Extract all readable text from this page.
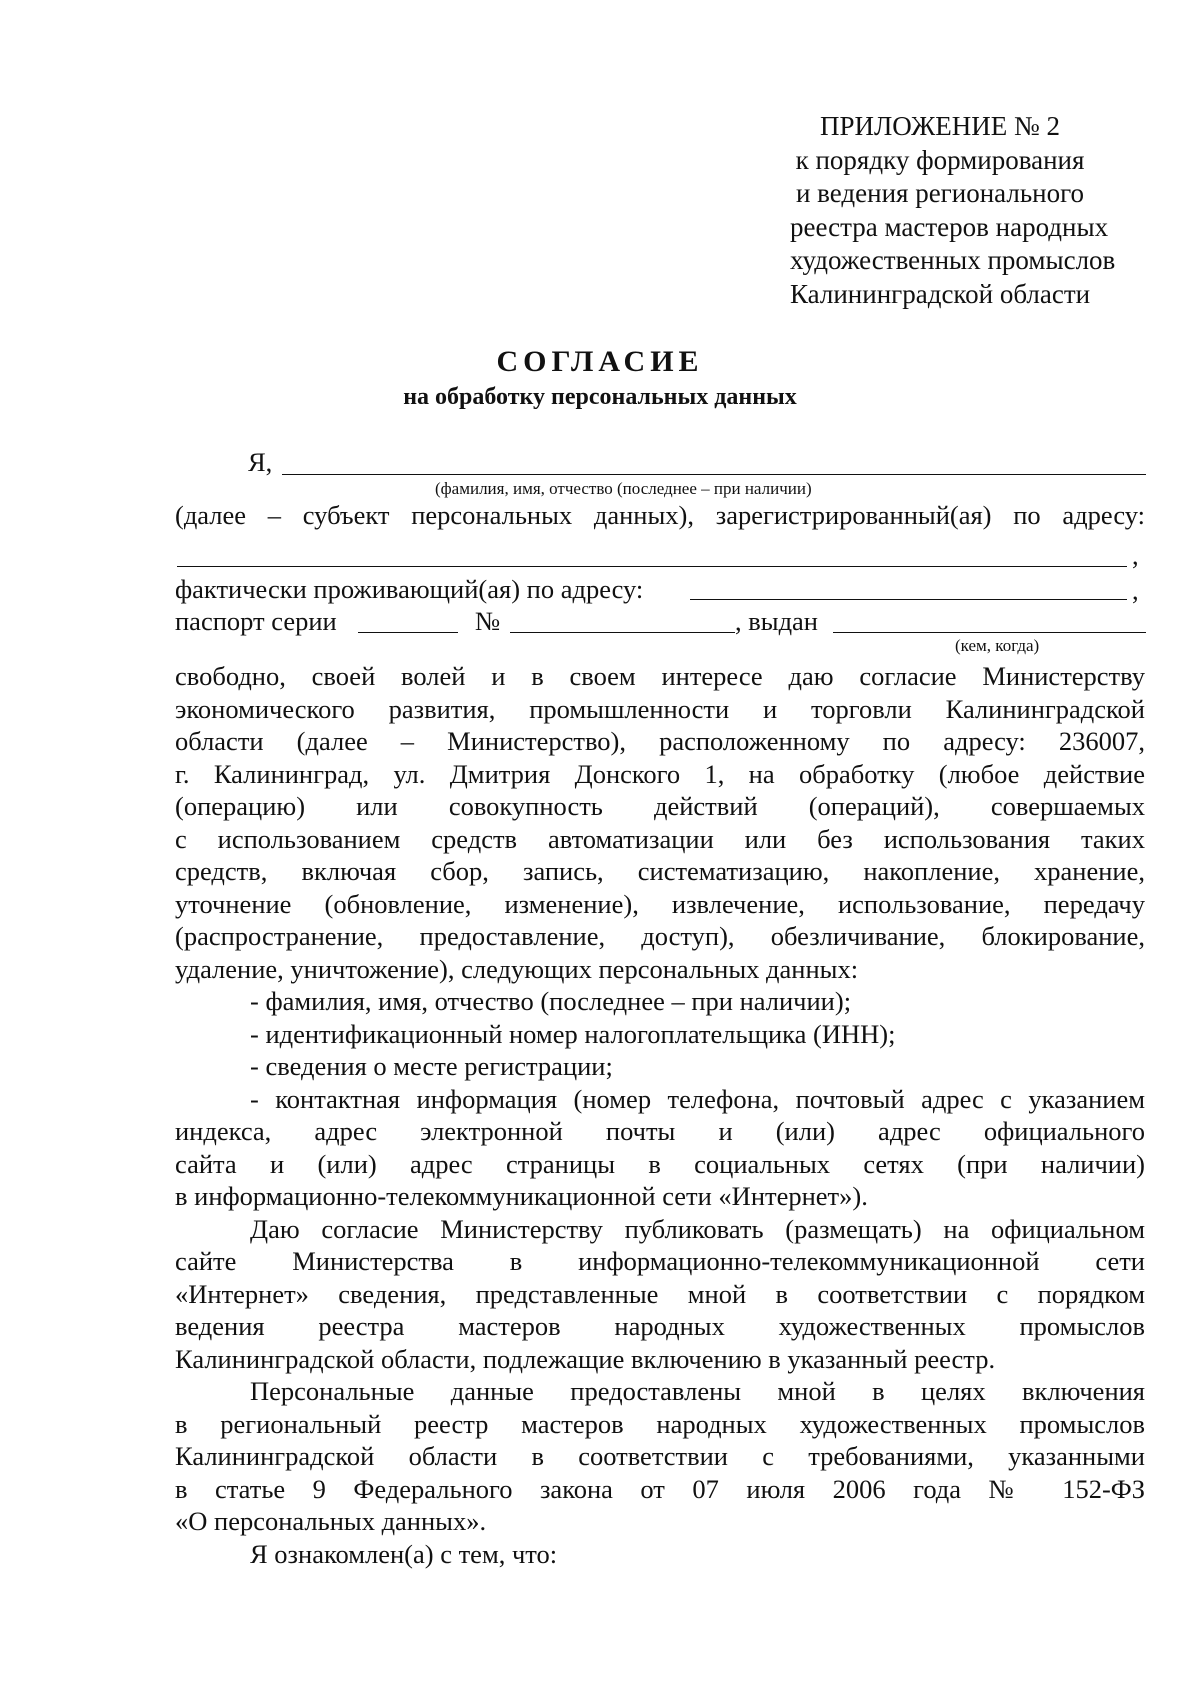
ПРИЛОЖЕНИЕ № 2
к порядку формирования
и ведения регионального
реестра мастеров народных
художественных промыслов
Калининградской области
СОГЛАСИЕ
на обработку персональных данных
Я,
(фамилия, имя, отчество (последнее – при наличии)
(далее – субъект персональных данных), зарегистрированный(ая) по адресу:
,
фактически проживающий(ая) по адресу:	,
паспорт серии	№	, выдан
(кем, когда)
свободно, своей волей и в своем интересе даю согласие Министерству
экономического развития, промышленности и торговли Калининградской
области (далее – Министерство), расположенному по адресу: 236007,
г. Калининград, ул. Дмитрия Донского 1, на обработку (любое действие
(операцию) или совокупность действий (операций), совершаемых
с использованием средств автоматизации или без использования таких
средств, включая сбор, запись, систематизацию, накопление, хранение,
уточнение (обновление, изменение), извлечение, использование, передачу
(распространение, предоставление, доступ), обезличивание, блокирование,
удаление, уничтожение), следующих персональных данных:
- фамилия, имя, отчество (последнее – при наличии);
- идентификационный номер налогоплательщика (ИНН);
- сведения о месте регистрации;
- контактная информация (номер телефона, почтовый адрес с указанием
индекса, адрес электронной почты и (или) адрес официального
сайта и (или) адрес страницы в социальных сетях (при наличии)
в информационно-телекоммуникационной сети «Интернет»).
Даю согласие Министерству публиковать (размещать) на официальном
сайте Министерства в информационно-телекоммуникационной сети
«Интернет» сведения, представленные мной в соответствии с порядком
ведения реестра мастеров народных художественных промыслов
Калининградской области, подлежащие включению в указанный реестр.
Персональные данные предоставлены мной в целях включения
в региональный реестр мастеров народных художественных промыслов
Калининградской области в соответствии с требованиями, указанными
в статье 9 Федерального закона от 07 июля 2006 года № 152-ФЗ
«О персональных данных».
Я ознакомлен(а) с тем, что:
